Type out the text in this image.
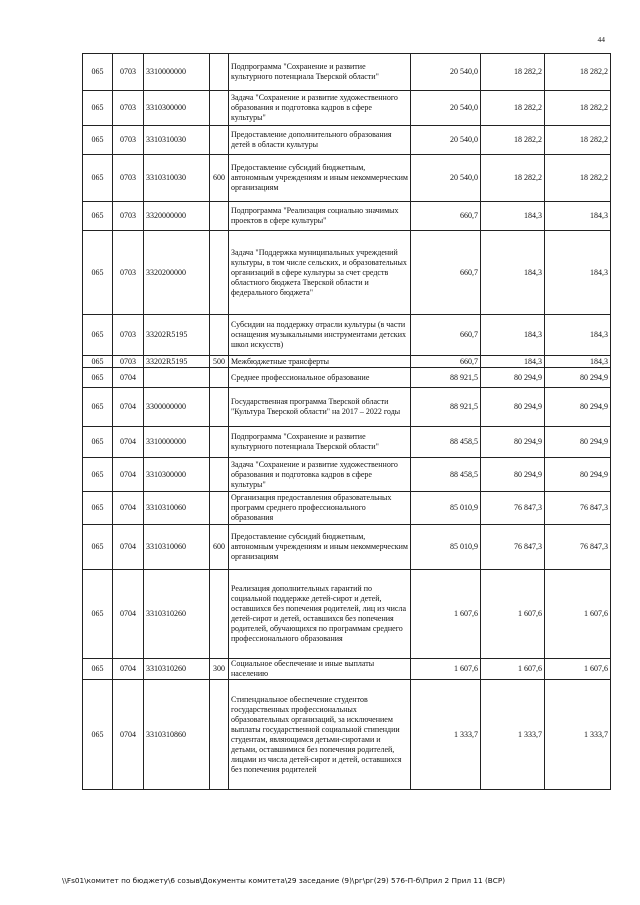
44
065	0703	3310000000		Подпрограмма "Сохранение и развитие культурного потенциала Тверской области"	20 540,0	18 282,2	18 282,2
065	0703	3310300000		Задача "Сохранение и развитие художественного образования и подготовка кадров в сфере культуры"	20 540,0	18 282,2	18 282,2
065	0703	3310310030		Предоставление дополнительного образования детей в области культуры	20 540,0	18 282,2	18 282,2
065	0703	3310310030	600	Предоставление субсидий бюджетным, автономным учреждениям и иным некоммерческим организациям	20 540,0	18 282,2	18 282,2
065	0703	3320000000		Подпрограмма "Реализация социально значимых проектов в сфере культуры"	660,7	184,3	184,3
065	0703	3320200000		Задача "Поддержка муниципальных учреждений культуры, в том числе сельских, и образовательных организаций в сфере культуры за счет средств областного бюджета Тверской области и федерального бюджета"	660,7	184,3	184,3
065	0703	33202R5195		Субсидии на поддержку отрасли культуры (в части оснащения музыкальными инструментами детских школ искусств)	660,7	184,3	184,3
065	0703	33202R5195	500	Межбюджетные трансферты	660,7	184,3	184,3
065	0704			Среднее профессиональное образование	88 921,5	80 294,9	80 294,9
065	0704	3300000000		Государственная программа Тверской области "Культура Тверской области" на 2017 – 2022 годы	88 921,5	80 294,9	80 294,9
065	0704	3310000000		Подпрограмма "Сохранение и развитие культурного потенциала Тверской области"	88 458,5	80 294,9	80 294,9
065	0704	3310300000		Задача "Сохранение и развитие художественного образования и подготовка кадров в сфере культуры"	88 458,5	80 294,9	80 294,9
065	0704	3310310060		Организация предоставления образовательных программ среднего профессионального образования	85 010,9	76 847,3	76 847,3
065	0704	3310310060	600	Предоставление субсидий бюджетным, автономным учреждениям и иным некоммерческим организациям	85 010,9	76 847,3	76 847,3
065	0704	3310310260		Реализация дополнительных гарантий по социальной поддержке детей-сирот и детей, оставшихся без попечения родителей, лиц из числа детей-сирот и детей, оставшихся без попечения родителей, обучающихся по программам среднего профессионального образования	1 607,6	1 607,6	1 607,6
065	0704	3310310260	300	Социальное обеспечение и иные выплаты населению	1 607,6	1 607,6	1 607,6
065	0704	3310310860		Стипендиальное обеспечение студентов государственных профессиональных образовательных организаций, за исключением выплаты государственной социальной стипендии студентам, являющимся детьми-сиротами и детьми, оставшимися без попечения родителей, лицами из числа детей-сирот и детей, оставшихся без попечения родителей	1 333,7	1 333,7	1 333,7
\\Fs01\комитет по бюджету\6 созыв\Документы комитета\29 заседание (9)\рг\рг(29) 576-П-б\Прил 2 Прил 11 (ВСР)
